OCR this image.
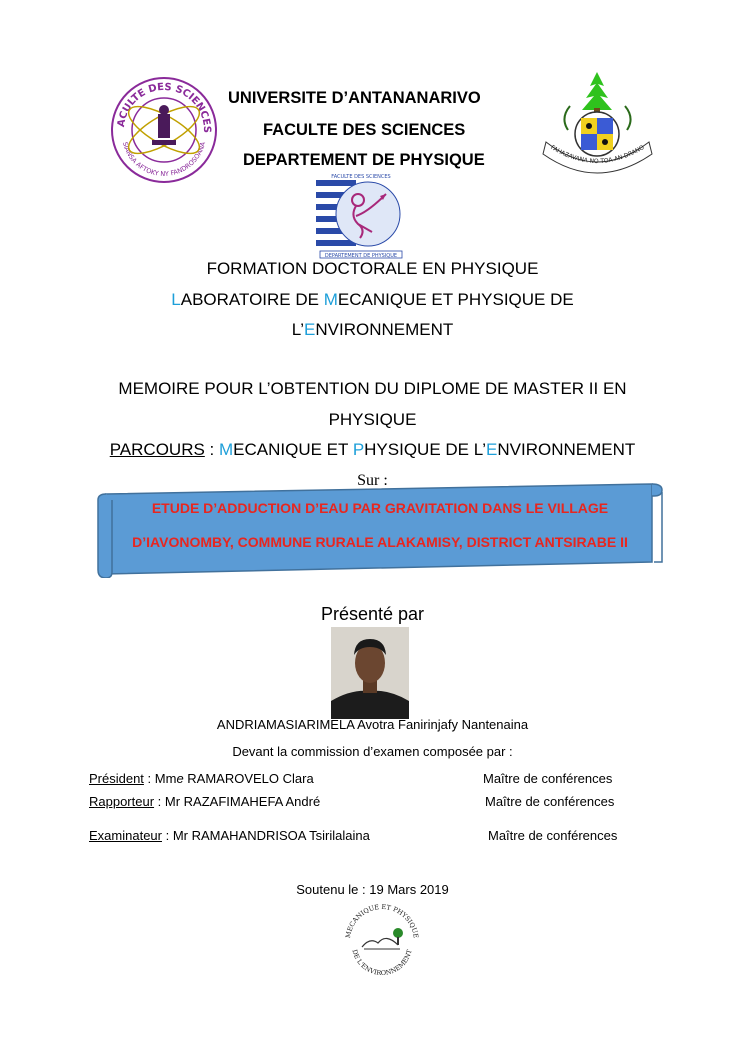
ACULTE DES SCIENCES
SIANSA AFTOKY NY FANDROSOANA	FAHAZAVANA NO TOA AN-DRANO
UNIVERSITE D’ANTANANARIVO
FACULTE DES SCIENCES
DEPARTEMENT DE PHYSIQUE
DEPARTEMENT DE PHYSIQUE
FACULTE DES SCIENCES
FORMATION DOCTORALE EN PHYSIQUE
LABORATOIRE DE MECANIQUE ET PHYSIQUE DE
L’ENVIRONNEMENT
MEMOIRE POUR L’OBTENTION DU DIPLOME DE MASTER II EN
PHYSIQUE
PARCOURS : MECANIQUE ET PHYSIQUE DE L’ENVIRONNEMENT
Sur :
ETUDE D’ADDUCTION D’EAU PAR GRAVITATION DANS LE VILLAGE
D’IAVONOMBY, COMMUNE RURALE ALAKAMISY, DISTRICT ANTSIRABE II
Présenté par
ANDRIAMASIARIMELA Avotra Fanirinjafy Nantenaina
Devant la commission d’examen composée par :
Président : Mme RAMAROVELO Clara	Maître de conférences
Rapporteur : Mr RAZAFIMAHEFA André	Maître de conférences
Examinateur : Mr RAMAHANDRISOA Tsirilalaina	Maître de conférences
Soutenu le : 19 Mars 2019
MECANIQUE ET PHYSIQUE
DE L'ENVIRONNEMENT
